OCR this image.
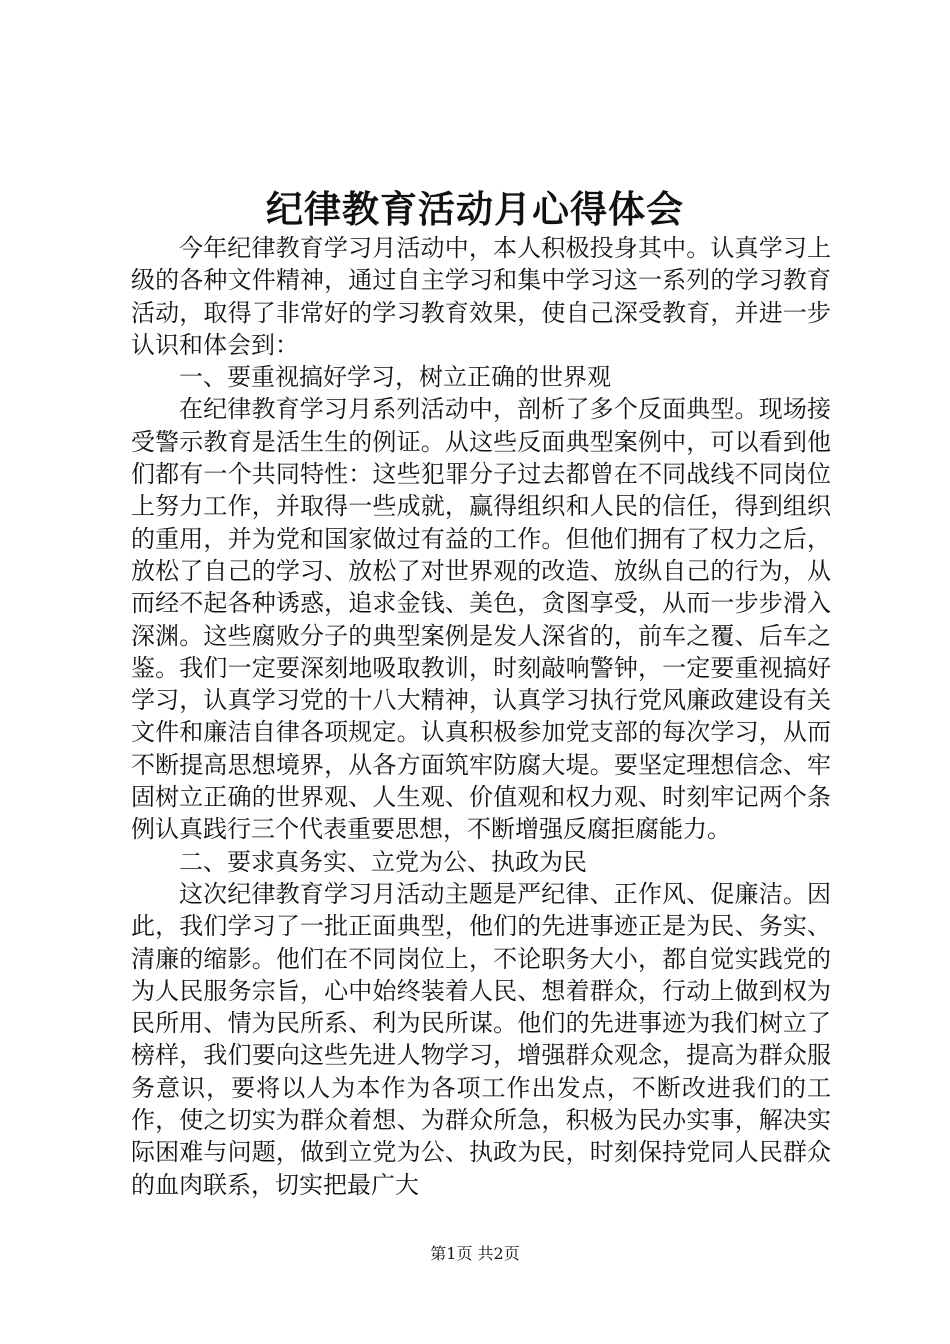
纪律教育活动月心得体会

今年纪律教育学习月活动中，本人积极投身其中。认真学习上级的各种文件精神，通过自主学习和集中学习这一系列的学习教育活动，取得了非常好的学习教育效果，使自己深受教育，并进一步认识和体会到：

一、要重视搞好学习，树立正确的世界观

在纪律教育学习月系列活动中，剖析了多个反面典型。现场接受警示教育是活生生的例证。从这些反面典型案例中，可以看到他们都有一个共同特性：这些犯罪分子过去都曾在不同战线不同岗位上努力工作，并取得一些成就，赢得组织和人民的信任，得到组织的重用，并为党和国家做过有益的工作。但他们拥有了权力之后，放松了自己的学习、放松了对世界观的改造、放纵自己的行为，从而经不起各种诱惑，追求金钱、美色，贪图享受，从而一步步滑入深渊。这些腐败分子的典型案例是发人深省的，前车之覆、后车之鉴。我们一定要深刻地吸取教训，时刻敲响警钟，一定要重视搞好学习，认真学习党的十八大精神，认真学习执行党风廉政建设有关文件和廉洁自律各项规定。认真积极参加党支部的每次学习，从而不断提高思想境界，从各方面筑牢防腐大堤。要坚定理想信念、牢固树立正确的世界观、人生观、价值观和权力观、时刻牢记两个条例认真践行三个代表重要思想，不断增强反腐拒腐能力。

二、要求真务实、立党为公、执政为民

这次纪律教育学习月活动主题是严纪律、正作风、促廉洁。因此，我们学习了一批正面典型，他们的先进事迹正是为民、务实、清廉的缩影。他们在不同岗位上，不论职务大小，都自觉实践党的为人民服务宗旨，心中始终装着人民、想着群众，行动上做到权为民所用、情为民所系、利为民所谋。他们的先进事迹为我们树立了榜样，我们要向这些先进人物学习，增强群众观念，提高为群众服务意识，要将以人为本作为各项工作出发点，不断改进我们的工作，使之切实为群众着想、为群众所急，积极为民办实事，解决实际困难与问题，做到立党为公、执政为民，时刻保持党同人民群众的血肉联系，切实把最广大

第1页 共2页
